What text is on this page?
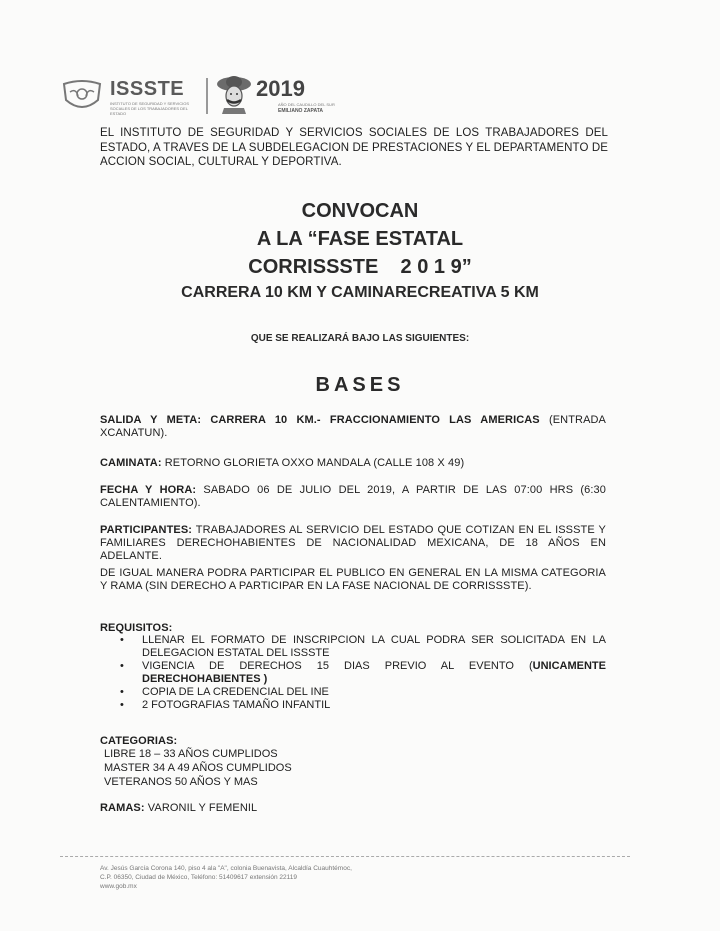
ISSSTE
INSTITUTO DE SEGURIDAD Y SERVICIOS SOCIALES DE LOS TRABAJADORES DEL ESTADO
2019
AÑO DEL CAUDILLO DEL SUR
EMILIANO ZAPATA
EL INSTITUTO DE SEGURIDAD Y SERVICIOS SOCIALES DE LOS TRABAJADORES DEL ESTADO, A TRAVES DE LA SUBDELEGACION DE PRESTACIONES Y EL DEPARTAMENTO DE ACCION SOCIAL, CULTURAL Y DEPORTIVA.
CONVOCAN
A LA “FASE ESTATAL
CORRISSSTE    2 0 1 9”
CARRERA 10 KM Y CAMINARECREATIVA 5 KM
QUE SE REALIZARÁ BAJO LAS SIGUIENTES:
BASES
SALIDA Y META: CARRERA 10 KM.- FRACCIONAMIENTO LAS AMERICAS (ENTRADA XCANATUN).
CAMINATA: RETORNO GLORIETA OXXO MANDALA (CALLE 108 X 49)
FECHA Y HORA: SABADO 06 DE JULIO DEL 2019, A PARTIR DE LAS 07:00 HRS (6:30 CALENTAMIENTO).
PARTICIPANTES: TRABAJADORES AL SERVICIO DEL ESTADO QUE COTIZAN EN EL ISSSTE Y FAMILIARES DERECHOHABIENTES DE NACIONALIDAD MEXICANA, DE 18 AÑOS EN ADELANTE.
DE IGUAL MANERA PODRA PARTICIPAR EL PUBLICO EN GENERAL EN LA MISMA CATEGORIA Y RAMA (SIN DERECHO A PARTICIPAR EN LA FASE NACIONAL DE CORRISSSTE).
REQUISITOS:
• LLENAR EL FORMATO DE INSCRIPCION LA CUAL PODRA SER SOLICITADA EN LA DELEGACION ESTATAL DEL ISSSTE
• VIGENCIA DE DERECHOS 15 DIAS PREVIO AL EVENTO (UNICAMENTE DERECHOHABIENTES )
• COPIA DE LA CREDENCIAL DEL INE
• 2 FOTOGRAFIAS TAMAÑO INFANTIL
CATEGORIAS:
LIBRE 18 – 33 AÑOS CUMPLIDOS
MASTER 34 A 49 AÑOS CUMPLIDOS
VETERANOS 50 AÑOS Y MAS
RAMAS: VARONIL Y FEMENIL
Av. Jesús García Corona 140, piso 4 ala "A", colonia Buenavista, Alcaldía Cuauhtémoc,
C.P. 06350, Ciudad de México, Teléfono: 51409617 extensión 22119
www.gob.mx
